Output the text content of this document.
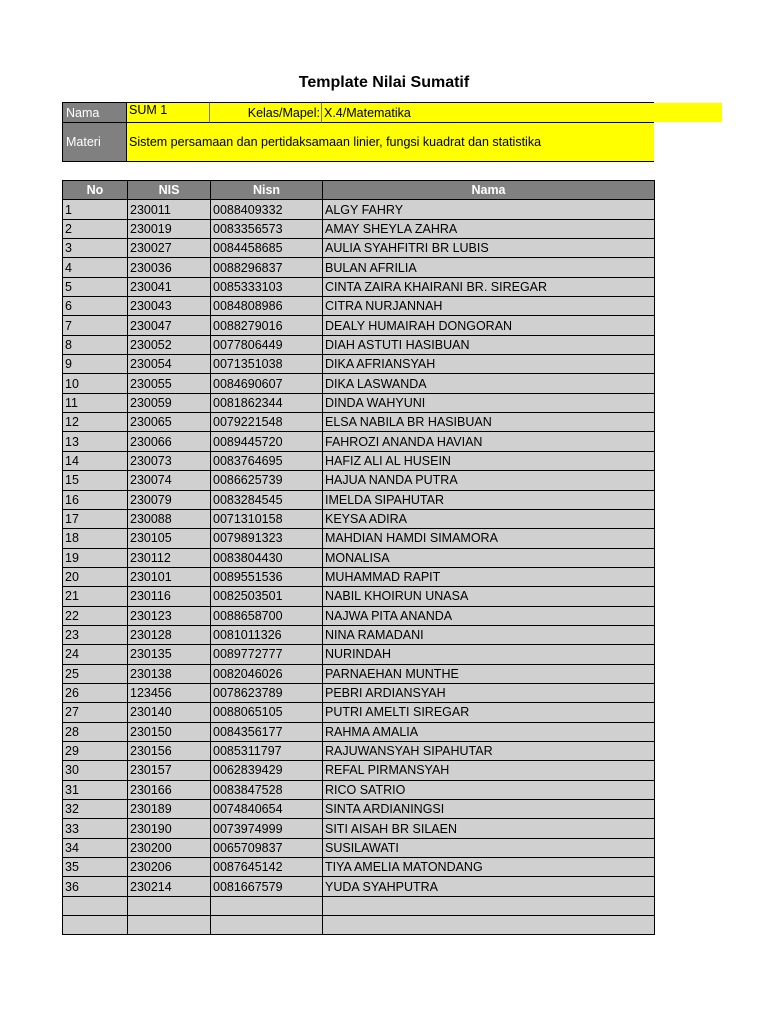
Template Nilai Sumatif
Nama	SUM 1	Kelas/Mapel: X.4/Matematika
Materi	Sistem persamaan dan pertidaksamaan linier, fungsi kuadrat dan statistika
No	NIS	Nisn	Nama
1	230011	0088409332	ALGY FAHRY
2	230019	0083356573	AMAY SHEYLA ZAHRA
3	230027	0084458685	AULIA SYAHFITRI BR LUBIS
4	230036	0088296837	BULAN AFRILIA
5	230041	0085333103	CINTA ZAIRA KHAIRANI BR. SIREGAR
6	230043	0084808986	CITRA NURJANNAH
7	230047	0088279016	DEALY HUMAIRAH DONGORAN
8	230052	0077806449	DIAH ASTUTI HASIBUAN
9	230054	0071351038	DIKA AFRIANSYAH
10	230055	0084690607	DIKA LASWANDA
11	230059	0081862344	DINDA WAHYUNI
12	230065	0079221548	ELSA NABILA BR HASIBUAN
13	230066	0089445720	FAHROZI ANANDA HAVIAN
14	230073	0083764695	HAFIZ ALI AL HUSEIN
15	230074	0086625739	HAJUA NANDA PUTRA
16	230079	0083284545	IMELDA SIPAHUTAR
17	230088	0071310158	KEYSA ADIRA
18	230105	0079891323	MAHDIAN HAMDI SIMAMORA
19	230112	0083804430	MONALISA
20	230101	0089551536	MUHAMMAD RAPIT
21	230116	0082503501	NABIL KHOIRUN UNASA
22	230123	0088658700	NAJWA PITA ANANDA
23	230128	0081011326	NINA RAMADANI
24	230135	0089772777	NURINDAH
25	230138	0082046026	PARNAEHAN MUNTHE
26	123456	0078623789	PEBRI ARDIANSYAH
27	230140	0088065105	PUTRI AMELTI SIREGAR
28	230150	0084356177	RAHMA AMALIA
29	230156	0085311797	RAJUWANSYAH SIPAHUTAR
30	230157	0062839429	REFAL PIRMANSYAH
31	230166	0083847528	RICO SATRIO
32	230189	0074840654	SINTA ARDIANINGSI
33	230190	0073974999	SITI AISAH BR SILAEN
34	230200	0065709837	SUSILAWATI
35	230206	0087645142	TIYA AMELIA MATONDANG
36	230214	0081667579	YUDA SYAHPUTRA
